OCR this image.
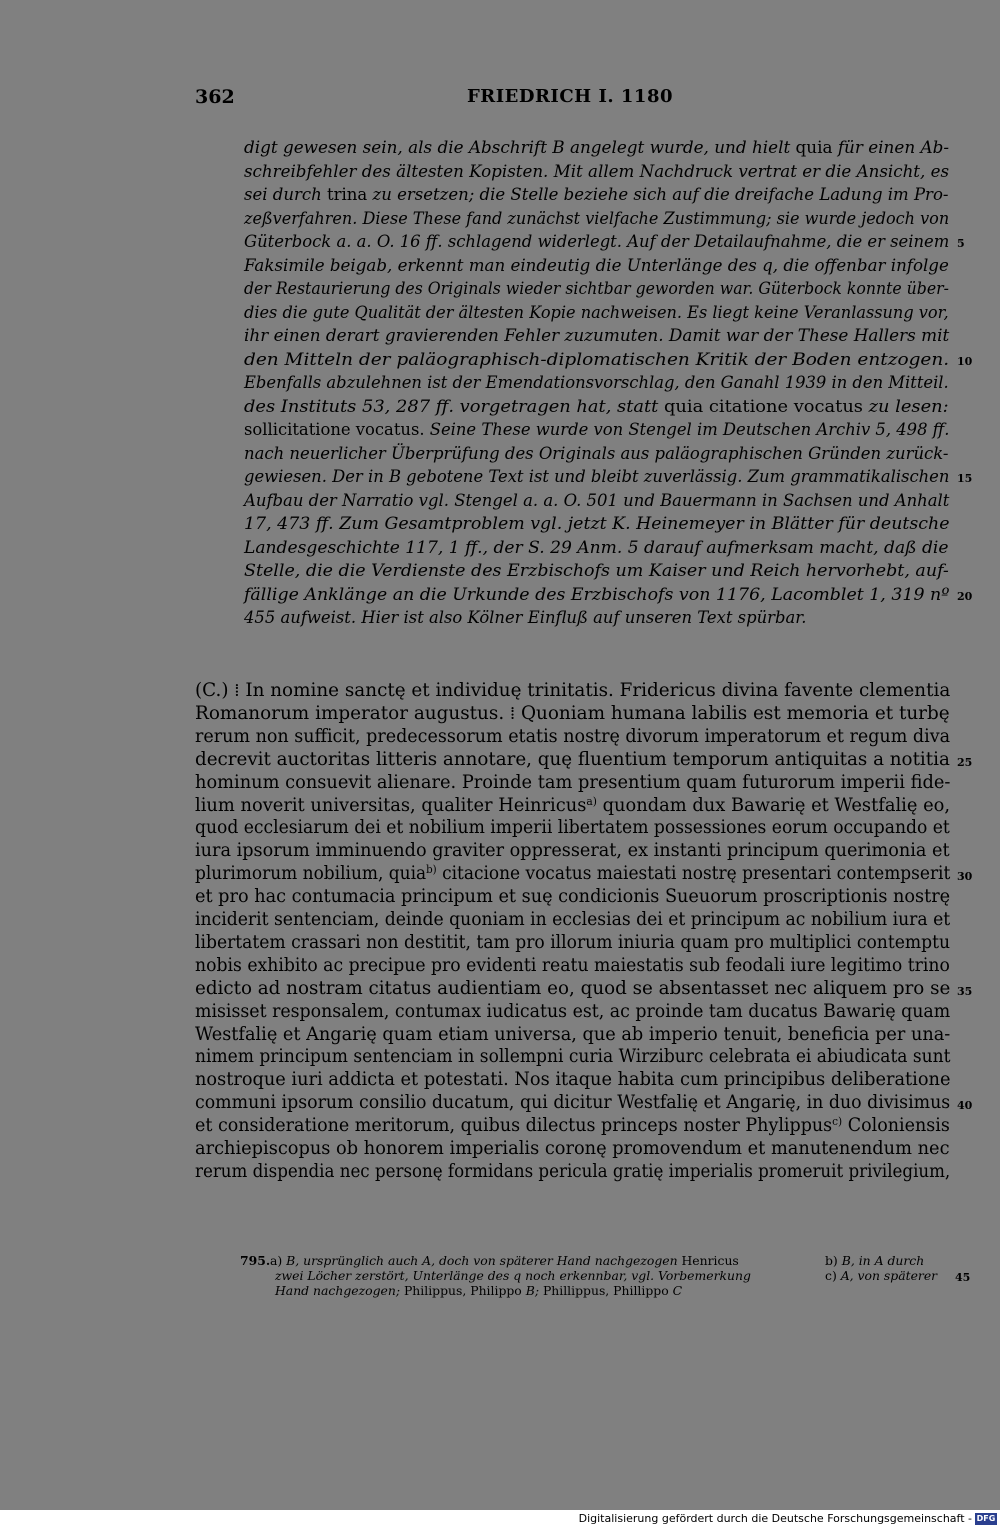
362	FRIEDRICH I. 1180
digt gewesen sein, als die Abschrift B angelegt wurde, und hielt quia für einen Ab-
schreibfehler des ältesten Kopisten. Mit allem Nachdruck vertrat er die Ansicht, es
sei durch trina zu ersetzen; die Stelle beziehe sich auf die dreifache Ladung im Pro-
zeßverfahren. Diese These fand zunächst vielfache Zustimmung; sie wurde jedoch von
Güterbock a. a. O. 16 ff. schlagend widerlegt. Auf der Detailaufnahme, die er seinem
Faksimile beigab, erkennt man eindeutig die Unterlänge des q, die offenbar infolge
der Restaurierung des Originals wieder sichtbar geworden war. Güterbock konnte über-
dies die gute Qualität der ältesten Kopie nachweisen. Es liegt keine Veranlassung vor,
ihr einen derart gravierenden Fehler zuzumuten. Damit war der These Hallers mit
den Mitteln der paläographisch-diplomatischen Kritik der Boden entzogen.
Ebenfalls abzulehnen ist der Emendationsvorschlag, den Ganahl 1939 in den Mitteil.
des Instituts 53, 287 ff. vorgetragen hat, statt quia citatione vocatus zu lesen:
sollicitatione vocatus. Seine These wurde von Stengel im Deutschen Archiv 5, 498 ff.
nach neuerlicher Überprüfung des Originals aus paläographischen Gründen zurück-
gewiesen. Der in B gebotene Text ist und bleibt zuverlässig. Zum grammatikalischen
Aufbau der Narratio vgl. Stengel a. a. O. 501 und Bauermann in Sachsen und Anhalt
17, 473 ff. Zum Gesamtproblem vgl. jetzt K. Heinemeyer in Blätter für deutsche
Landesgeschichte 117, 1 ff., der S. 29 Anm. 5 darauf aufmerksam macht, daß die
Stelle, die die Verdienste des Erzbischofs um Kaiser und Reich hervorhebt, auf-
fällige Anklänge an die Urkunde des Erzbischofs von 1176, Lacomblet 1, 319 nº
455 aufweist. Hier ist also Kölner Einfluß auf unseren Text spürbar.
5
10
15
20
(C.) ⁞ In nomine sanctę et individuę trinitatis. Fridericus divina favente clementia
Romanorum imperator augustus. ⁞ Quoniam humana labilis est memoria et turbę
rerum non sufficit, predecessorum etatis nostrę divorum imperatorum et regum diva
decrevit auctoritas litteris annotare, quę fluentium temporum antiquitas a notitia
hominum consuevit alienare. Proinde tam presentium quam futurorum imperii fide-
lium noverit universitas, qualiter Heinricus$^{a)}$ quondam dux Bawarię et Westfalię eo,
quod ecclesiarum dei et nobilium imperii libertatem possessiones eorum occupando et
iura ipsorum imminuendo graviter oppresserat, ex instanti principum querimonia et
plurimorum nobilium, quia$^{b)}$ citacione vocatus maiestati nostrę presentari contempserit
et pro hac contumacia principum et suę condicionis Sueuorum proscriptionis nostrę
inciderit sentenciam, deinde quoniam in ecclesias dei et principum ac nobilium iura et
libertatem crassari non destitit, tam pro illorum iniuria quam pro multiplici contemptu
nobis exhibito ac precipue pro evidenti reatu maiestatis sub feodali iure legitimo trino
edicto ad nostram citatus audientiam eo, quod se absentasset nec aliquem pro se
misisset responsalem, contumax iudicatus est, ac proinde tam ducatus Bawarię quam
Westfalię et Angarię quam etiam universa, que ab imperio tenuit, beneficia per una-
nimem principum sentenciam in sollempni curia Wirziburc celebrata ei abiudicata sunt
nostroque iuri addicta et potestati. Nos itaque habita cum principibus deliberatione
communi ipsorum consilio ducatum, qui dicitur Westfalię et Angarię, in duo divisimus
et consideratione meritorum, quibus dilectus princeps noster Phylippus$^{c)}$ Coloniensis
archiepiscopus ob honorem imperialis coronę promovendum et manutenendum nec
rerum dispendia nec personę formidans pericula gratię imperialis promeruit privilegium,
25
30
35
40
795. a) B, ursprünglich auch A, doch von späterer Hand nachgezogen Henricus
zwei Löcher zerstört, Unterlänge des q noch erkennbar, vgl. Vorbemerkung
Hand nachgezogen; Philippus, Philippo B; Phillippus, Phillippo C
b) B, in A durch
c) A, von späterer 45
Digitalisierung gefördert durch die Deutsche Forschungsgemeinschaft - DFG
